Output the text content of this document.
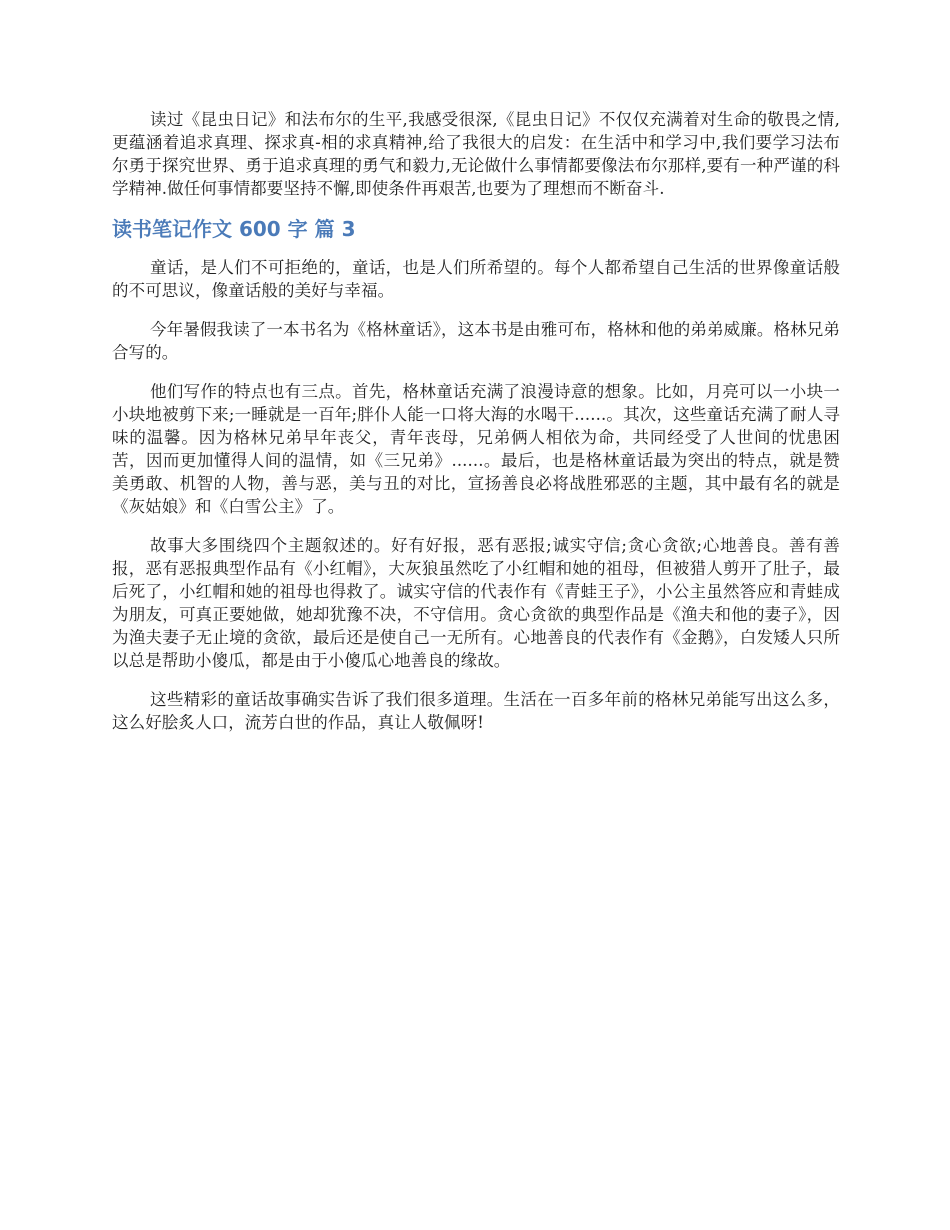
读过《昆虫日记》和法布尔的生平,我感受很深,《昆虫日记》不仅仅充满着对生命的敬畏之情,更蕴涵着追求真理、探求真-相的求真精神,给了我很大的启发：在生活中和学习中,我们要学习法布尔勇于探究世界、勇于追求真理的勇气和毅力,无论做什么事情都要像法布尔那样,要有一种严谨的科学精神.做任何事情都要坚持不懈,即使条件再艰苦,也要为了理想而不断奋斗.

读书笔记作文 600 字 篇 3

童话，是人们不可拒绝的，童话，也是人们所希望的。每个人都希望自己生活的世界像童话般的不可思议，像童话般的美好与幸福。

今年暑假我读了一本书名为《格林童话》，这本书是由雅可布，格林和他的弟弟威廉。格林兄弟合写的。

他们写作的特点也有三点。首先，格林童话充满了浪漫诗意的想象。比如，月亮可以一小块一小块地被剪下来;一睡就是一百年;胖仆人能一口将大海的水喝干......。其次，这些童话充满了耐人寻味的温馨。因为格林兄弟早年丧父，青年丧母，兄弟俩人相依为命，共同经受了人世间的忧患困苦，因而更加懂得人间的温情，如《三兄弟》......。最后，也是格林童话最为突出的特点，就是赞美勇敢、机智的人物，善与恶，美与丑的对比，宣扬善良必将战胜邪恶的主题，其中最有名的就是《灰姑娘》和《白雪公主》了。

故事大多围绕四个主题叙述的。好有好报，恶有恶报;诚实守信;贪心贪欲;心地善良。善有善报，恶有恶报典型作品有《小红帽》，大灰狼虽然吃了小红帽和她的祖母，但被猎人剪开了肚子，最后死了，小红帽和她的祖母也得救了。诚实守信的代表作有《青蛙王子》，小公主虽然答应和青蛙成为朋友，可真正要她做，她却犹豫不决，不守信用。贪心贪欲的典型作品是《渔夫和他的妻子》，因为渔夫妻子无止境的贪欲，最后还是使自己一无所有。心地善良的代表作有《金鹅》，白发矮人只所以总是帮助小傻瓜，都是由于小傻瓜心地善良的缘故。

这些精彩的童话故事确实告诉了我们很多道理。生活在一百多年前的格林兄弟能写出这么多，这么好脍炙人口，流芳白世的作品，真让人敬佩呀!
